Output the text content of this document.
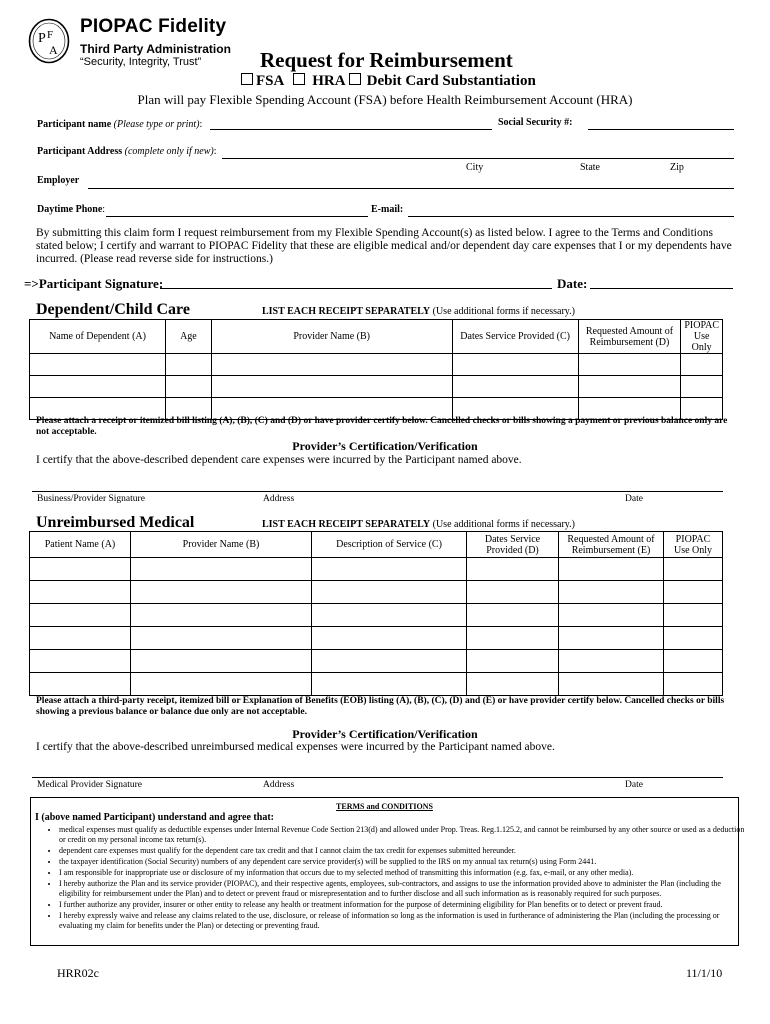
P F
A
PIOPAC Fidelity
Third Party Administration
“Security, Integrity, Trust”	Request for Reimbursement
FSA HRA Debit Card Substantiation
Plan will pay Flexible Spending Account (FSA) before Health Reimbursement Account (HRA)
Participant name (Please type or print):	Social Security #:
Participant Address (complete only if new):
City	State	Zip
Employer
Daytime Phone:	E-mail:
By submitting this claim form I request reimbursement from my Flexible Spending Account(s) as listed below. I agree to the Terms and Conditions stated below; I certify and warrant to PIOPAC Fidelity that these are eligible medical and/or dependent day care expenses that I or my dependents have incurred. (Please read reverse side for instructions.)
=>Participant Signature:	Date:
Dependent/Child Care	LIST EACH RECEIPT SEPARATELY (Use additional forms if necessary.)
Name of Dependent (A)	Age	Provider Name (B)	Dates Service Provided (C)	Requested Amount of Reimbursement (D)	PIOPAC Use Only

Please attach a receipt or itemized bill listing (A), (B), (C) and (D) or have provider certify below. Cancelled checks or bills showing a payment or previous balance only are not acceptable.
Provider’s Certification/Verification
I certify that the above-described dependent care expenses were incurred by the Participant named above.
Business/Provider Signature	Address	Date
Unreimbursed Medical	LIST EACH RECEIPT SEPARATELY (Use additional forms if necessary.)
Patient Name (A)	Provider Name (B)	Description of Service (C)	Dates Service Provided (D)	Requested Amount of Reimbursement (E)	PIOPAC Use Only

Please attach a third-party receipt, itemized bill or Explanation of Benefits (EOB) listing (A), (B), (C), (D) and (E) or have provider certify below. Cancelled checks or bills showing a previous balance or balance due only are not acceptable.
Provider’s Certification/Verification
I certify that the above-described unreimbursed medical expenses were incurred by the Participant named above.
Medical Provider Signature	Address	Date
TERMS and CONDITIONS
I (above named Participant) understand and agree that:
• medical expenses must qualify as deductible expenses under Internal Revenue Code Section 213(d) and allowed under Prop. Treas. Reg.1.125.2, and cannot be reimbursed by any other source or used as a deduction or credit on my personal income tax return(s).
• dependent care expenses must qualify for the dependent care tax credit and that I cannot claim the tax credit for expenses submitted hereunder.
• the taxpayer identification (Social Security) numbers of any dependent care service provider(s) will be supplied to the IRS on my annual tax return(s) using Form 2441.
• I am responsible for inappropriate use or disclosure of my information that occurs due to my selected method of transmitting this information (e.g. fax, e-mail, or any other media).
• I hereby authorize the Plan and its service provider (PIOPAC), and their respective agents, employees, sub-contractors, and assigns to use the information provided above to administer the Plan (including the eligibility for reimbursement under the Plan) and to detect or prevent fraud or misrepresentation and to further disclose and all such information as is reasonably required for such purposes.
• I further authorize any provider, insurer or other entity to release any health or treatment information for the purpose of determining eligibility for Plan benefits or to detect or prevent fraud.
• I hereby expressly waive and release any claims related to the use, disclosure, or release of information so long as the information is used in furtherance of administering the Plan (including the processing or evaluating my claim for benefits under the Plan) or detecting or preventing fraud.
HRR02c	11/1/10
